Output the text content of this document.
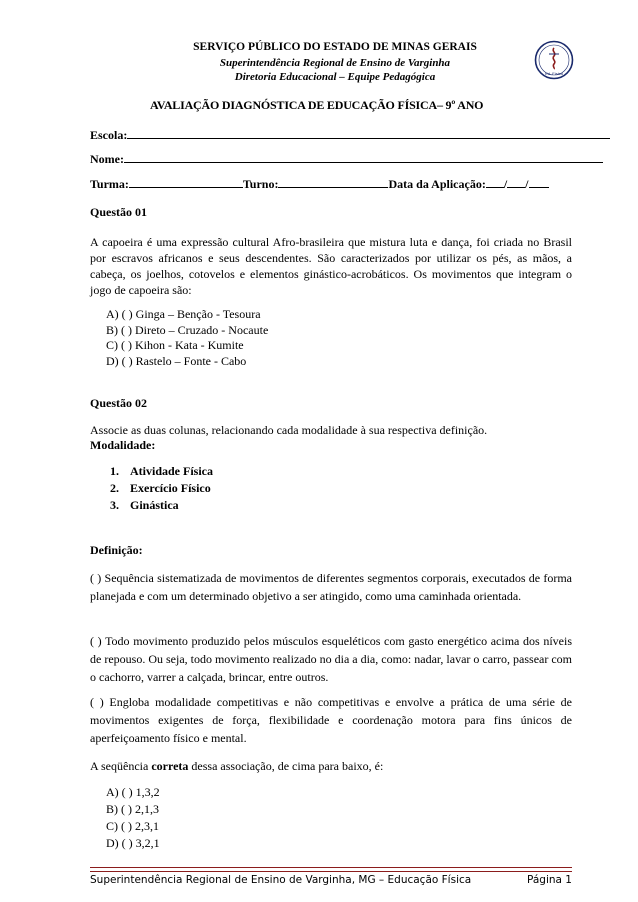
SERVIÇO PÚBLICO DO ESTADO DE MINAS GERAIS
Superintendência Regional de Ensino de Varginha
Diretoria Educacional – Equipe Pedagógica	Ed. Física
AVALIAÇÃO DIAGNÓSTICA DE EDUCAÇÃO FÍSICA– 9º ANO
Escola:
Nome:
Turma:	Turno:	Data da Aplicação: / /
Questão 01
A capoeira é uma expressão cultural Afro-brasileira que mistura luta e dança, foi criada no Brasil por escravos africanos e seus descendentes. São caracterizados por utilizar os pés, as mãos, a cabeça, os joelhos, cotovelos e elementos ginástico-acrobáticos. Os movimentos que integram o jogo de capoeira são:
A) ( ) Ginga – Benção - Tesoura
B) ( ) Direto – Cruzado - Nocaute
C) ( ) Kihon - Kata - Kumite
D) ( ) Rastelo – Fonte - Cabo
Questão 02
Associe as duas colunas, relacionando cada modalidade à sua respectiva definição.
Modalidade:
1. Atividade Física
2. Exercício Físico
3. Ginástica
Definição:
( ) Sequência sistematizada de movimentos de diferentes segmentos corporais, executados de forma planejada e com um determinado objetivo a ser atingido, como uma caminhada orientada.
( ) Todo movimento produzido pelos músculos esqueléticos com gasto energético acima dos níveis de repouso. Ou seja, todo movimento realizado no dia a dia, como: nadar, lavar o carro, passear com o cachorro, varrer a calçada, brincar, entre outros.
( ) Engloba modalidade competitivas e não competitivas e envolve a prática de uma série de movimentos exigentes de força, flexibilidade e coordenação motora para fins únicos de aperfeiçoamento físico e mental.
A seqüência correta dessa associação, de cima para baixo, é:
A) ( ) 1,3,2
B) ( ) 2,1,3
C) ( ) 2,3,1
D) ( ) 3,2,1
Superintendência Regional de Ensino de Varginha, MG – Educação Física	Página 1
